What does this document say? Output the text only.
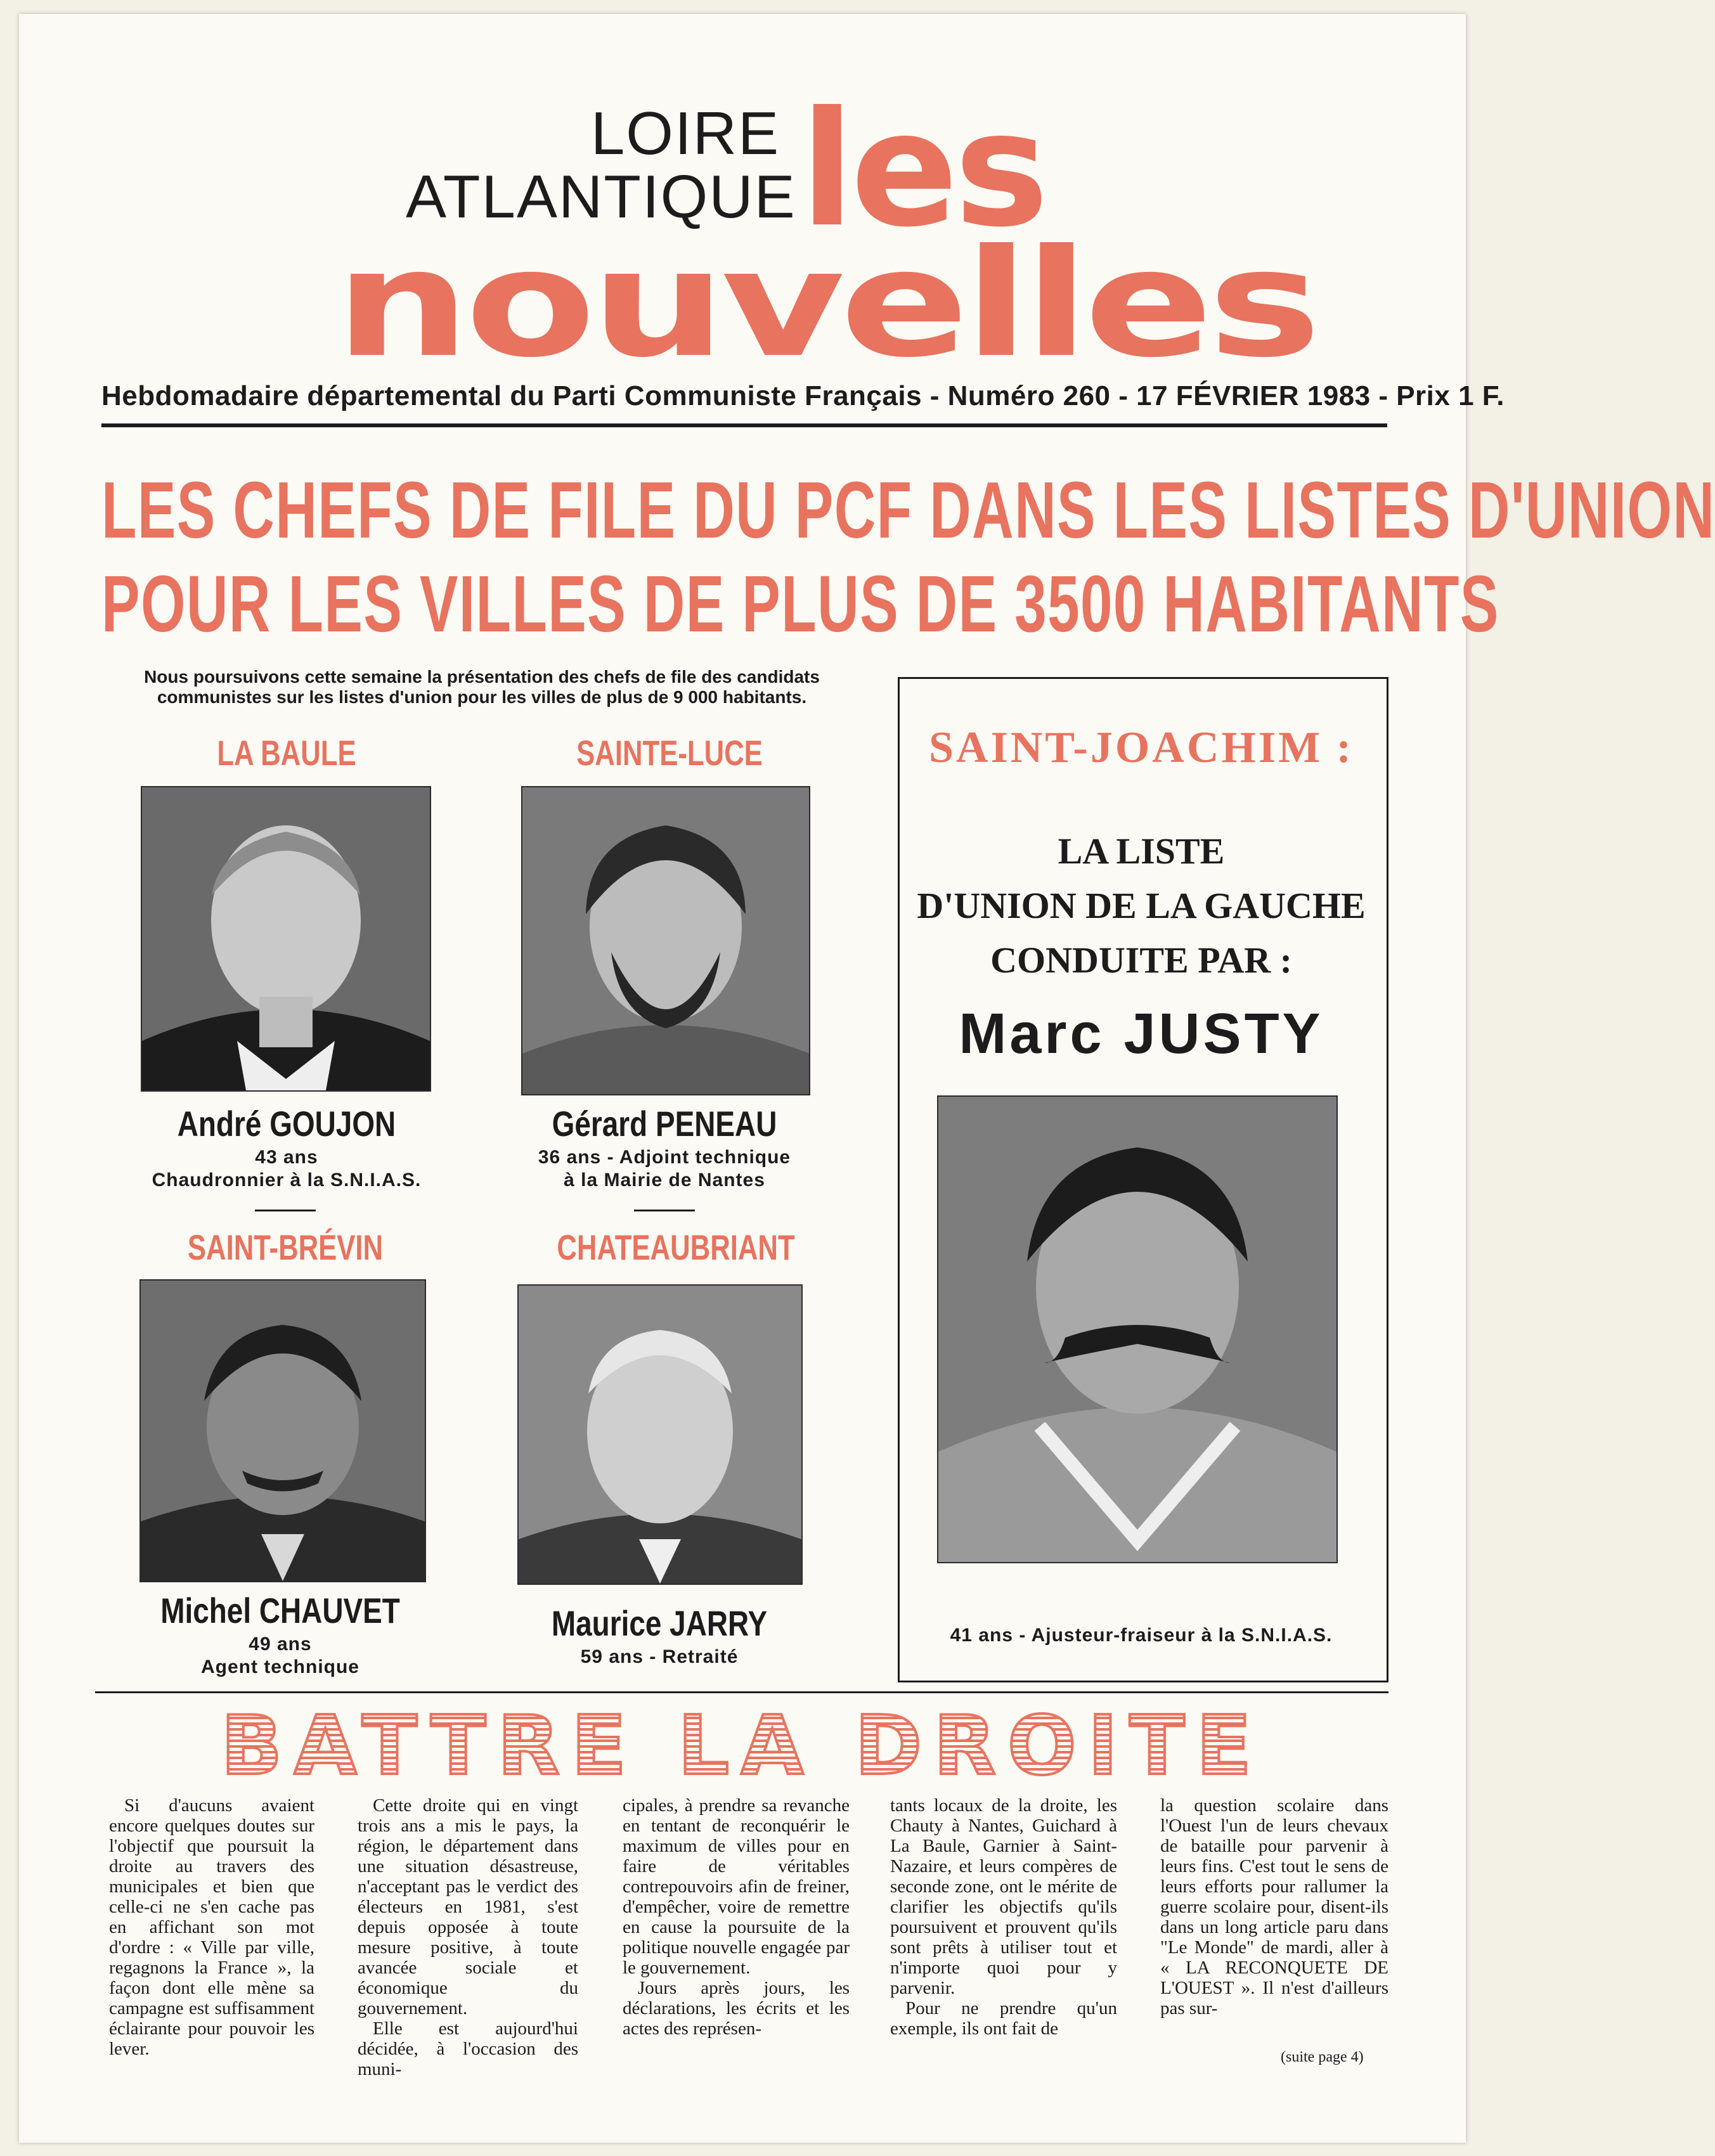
LOIRE
ATLANTIQUE les
nouvelles
Hebdomadaire départemental du Parti Communiste Français - Numéro 260 - 17 FÉVRIER 1983 - Prix 1 F.
LES CHEFS DE FILE DU PCF DANS LES LISTES D'UNION
POUR LES VILLES DE PLUS DE 3500 HABITANTS
Nous poursuivons cette semaine la présentation des chefs de file des candidats
communistes sur les listes d'union pour les villes de plus de 9 000 habitants.
LA BAULE
André GOUJON
43 ans
Chaudronnier à la S.N.I.A.S.
SAINTE-LUCE
Gérard PENEAU
36 ans - Adjoint technique
à la Mairie de Nantes
SAINT-BRÉVIN
Michel CHAUVET
49 ans
Agent technique
CHATEAUBRIANT
Maurice JARRY
59 ans - Retraité
SAINT-JOACHIM :
LA LISTE
D'UNION DE LA GAUCHE
CONDUITE PAR :
Marc JUSTY
41 ans - Ajusteur-fraiseur à la S.N.I.A.S.
BATTRE LA DROITE

Si d'aucuns avaient encore quelques doutes sur l'objectif que poursuit la droite au travers des municipales et bien que celle-ci ne s'en cache pas en affichant son mot d'ordre : « Ville par ville, regagnons la France », la façon dont elle mène sa campagne est suffisamment éclairante pour pouvoir les lever.

Cette droite qui en vingt trois ans a mis le pays, la région, le département dans une situation désastreuse, n'acceptant pas le verdict des électeurs en 1981, s'est depuis opposée à toute mesure positive, à toute avancée sociale et économique du gouvernement.

Elle est aujourd'hui décidée, à l'occasion des muni-

cipales, à prendre sa revanche en tentant de reconquérir le maximum de villes pour en faire de véritables contrepouvoirs afin de freiner, d'empêcher, voire de remettre en cause la poursuite de la politique nouvelle engagée par le gouvernement.

Jours après jours, les déclarations, les écrits et les actes des représen-

tants locaux de la droite, les Chauty à Nantes, Guichard à La Baule, Garnier à Saint-Nazaire, et leurs compères de seconde zone, ont le mérite de clarifier les objectifs qu'ils poursuivent et prouvent qu'ils sont prêts à utiliser tout et n'importe quoi pour y parvenir.

Pour ne prendre qu'un exemple, ils ont fait de

la question scolaire dans l'Ouest l'un de leurs chevaux de bataille pour parvenir à leurs fins. C'est tout le sens de leurs efforts pour rallumer la guerre scolaire pour, disent-ils dans un long article paru dans "Le Monde" de mardi, aller à « LA RECONQUETE DE L'OUEST ». Il n'est d'ailleurs pas sur-

(suite page 4)
